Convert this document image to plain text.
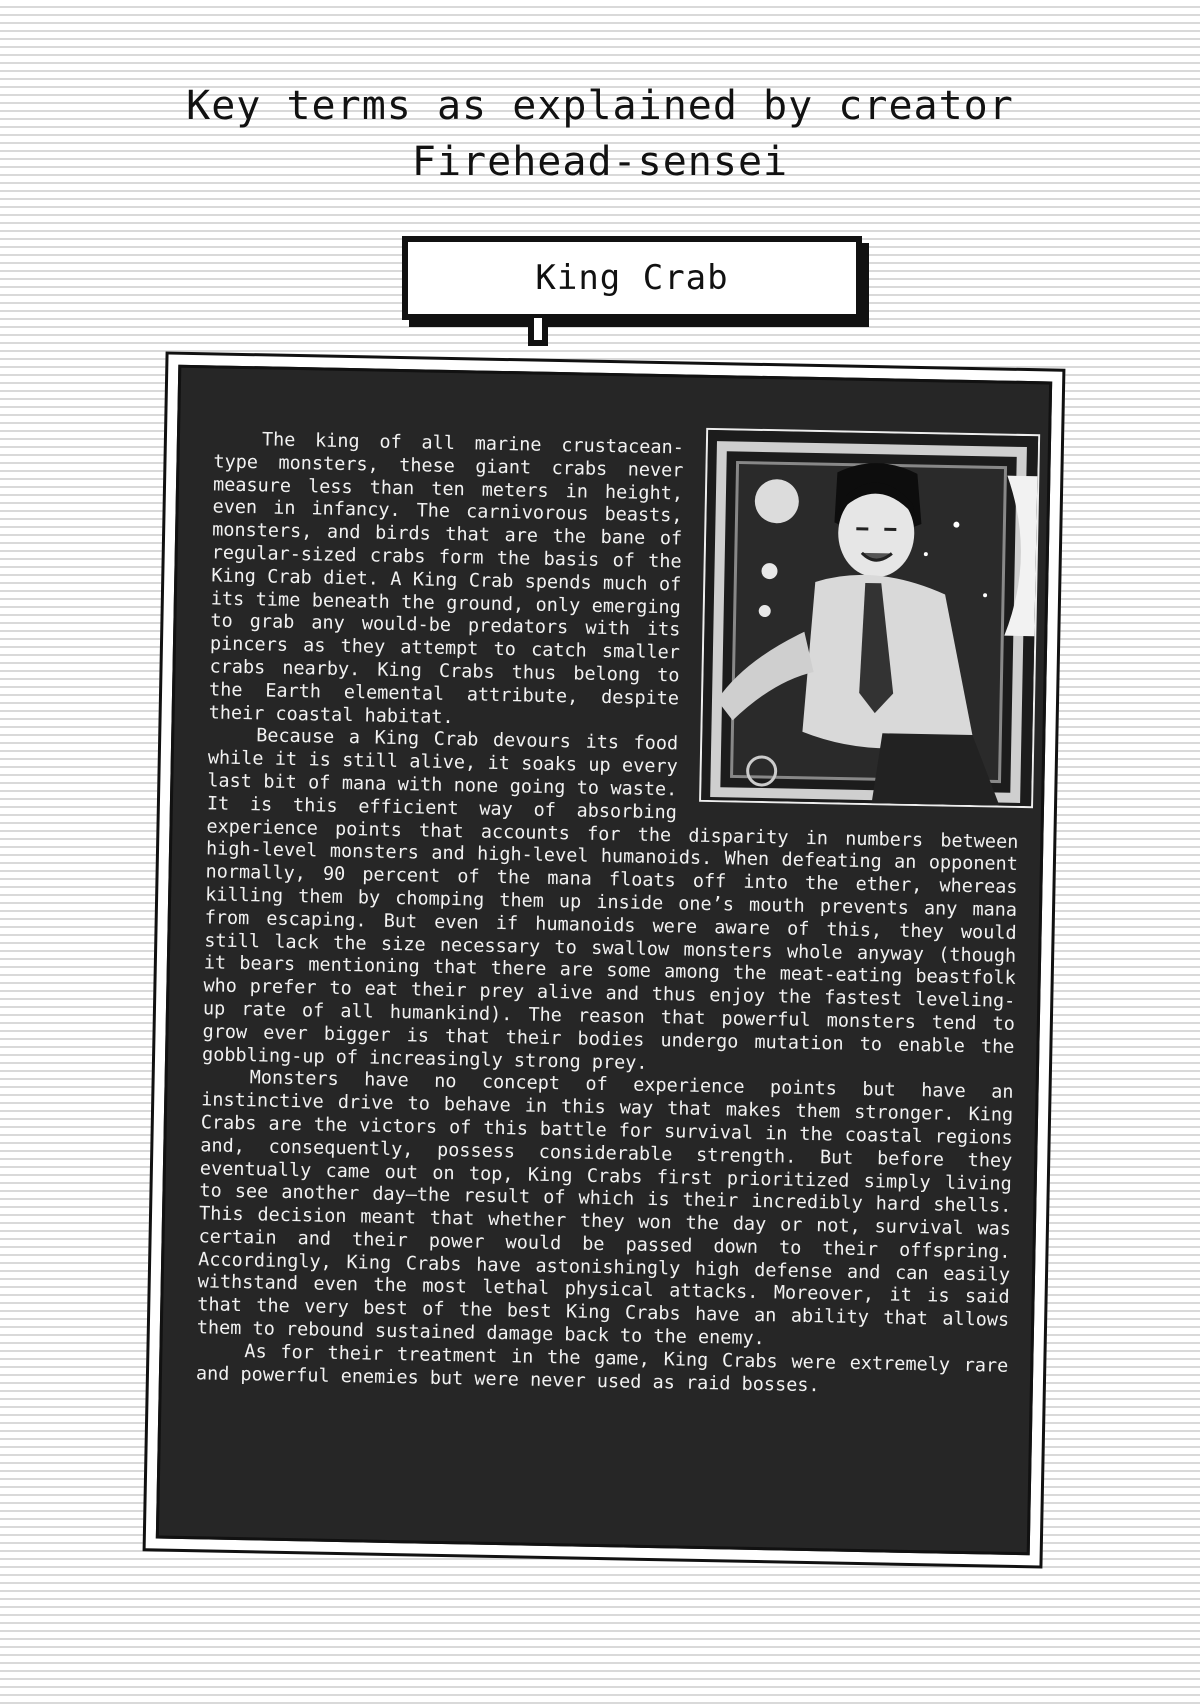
Key terms as explained by creator
Firehead-sensei
King Crab

The king of all marine crustacean-type monsters, these giant crabs never measure less than ten meters in height, even in infancy. The carnivorous beasts, monsters, and birds that are the bane of regular-sized crabs form the basis of the King Crab diet. A King Crab spends much of its time beneath the ground, only emerging to grab any would-be predators with its pincers as they attempt to catch smaller crabs nearby. King Crabs thus belong to the Earth elemental attribute, despite their coastal habitat.

Because a King Crab devours its food while it is still alive, it soaks up every last bit of mana with none going to waste. It is this efficient way of absorbing experience points that accounts for the disparity in numbers between high-level monsters and high-level humanoids. When defeating an opponent normally, 90 percent of the mana floats off into the ether, whereas killing them by chomping them up inside one’s mouth prevents any mana from escaping. But even if humanoids were aware of this, they would still lack the size necessary to swallow monsters whole anyway (though it bears mentioning that there are some among the meat-eating beastfolk who prefer to eat their prey alive and thus enjoy the fastest leveling-up rate of all humankind). The reason that powerful monsters tend to grow ever bigger is that their bodies undergo mutation to enable the gobbling-up of increasingly strong prey.

Monsters have no concept of experience points but have an instinctive drive to behave in this way that makes them stronger. King Crabs are the victors of this battle for survival in the coastal regions and, consequently, possess considerable strength. But before they eventually came out on top, King Crabs first prioritized simply living to see another day—the result of which is their incredibly hard shells. This decision meant that whether they won the day or not, survival was certain and their power would be passed down to their offspring. Accordingly, King Crabs have astonishingly high defense and can easily withstand even the most lethal physical attacks. Moreover, it is said that the very best of the best King Crabs have an ability that allows them to rebound sustained damage back to the enemy.

As for their treatment in the game, King Crabs were extremely rare and powerful enemies but were never used as raid bosses.
